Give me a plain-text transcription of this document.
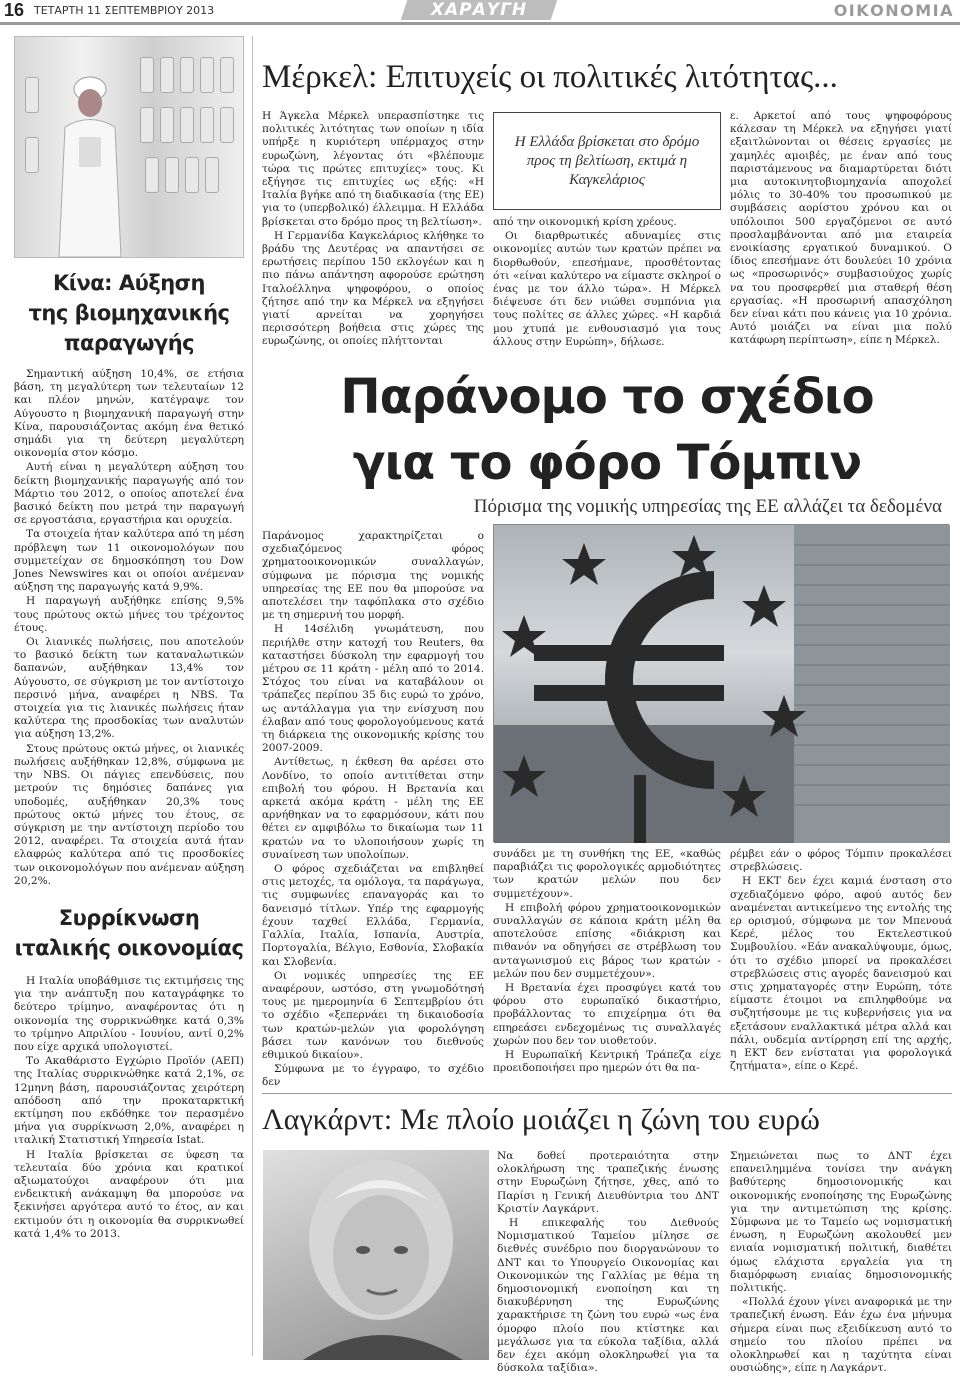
16 ΤΕΤΑΡΤΗ 11 ΣΕΠΤΕΜΒΡΙΟΥ 2013	ΧΑΡΑΥΓΗ	ΟΙΚΟΝΟΜΙΑ
Κίνα: Αύξηση
της βιομηχανικής
παραγωγής

Σημαντική αύξηση 10,4%, σε ετήσια βάση, τη μεγαλύτερη των τελευταίων 12 και πλέον μηνών, κατέγραψε τον Αύγουστο η βιομηχανική παραγωγή στην Κίνα, παρουσιάζοντας ακόμη ένα θετικό σημάδι για τη δεύτερη μεγαλύτερη οικονομία στον κόσμο.

Αυτή είναι η μεγαλύτερη αύξηση του δείκτη βιομηχανικής παραγωγής από τον Μάρτιο του 2012, ο οποίος αποτελεί ένα βασικό δείκτη που μετρά την παραγωγή σε εργοστάσια, εργαστήρια και ορυχεία.

Τα στοιχεία ήταν καλύτερα από τη μέση πρόβλεψη των 11 οικονομολόγων που συμμετείχαν σε δημοσκόπηση του Dow Jones Newswires και οι οποίοι ανέμεναν αύξηση της παραγωγής κατά 9,9%.

Η παραγωγή αυξήθηκε επίσης 9,5% τους πρώτους οκτώ μήνες του τρέχοντος έτους.

Οι λιανικές πωλήσεις, που αποτελούν το βασικό δείκτη των καταναλωτικών δαπανών, αυξήθηκαν 13,4% τον Αύγουστο, σε σύγκριση με τον αντίστοιχο περσινό μήνα, αναφέρει η NBS. Τα στοιχεία για τις λιανικές πωλήσεις ήταν καλύτερα της προσδοκίας των αναλυτών για αύξηση 13,2%.

Στους πρώτους οκτώ μήνες, οι λιανικές πωλήσεις αυξήθηκαν 12,8%, σύμφωνα με την NBS. Οι πάγιες επενδύσεις, που μετρούν τις δημόσιες δαπάνες για υποδομές, αυξήθηκαν 20,3% τους πρώτους οκτώ μήνες του έτους, σε σύγκριση με την αντίστοιχη περίοδο του 2012, αναφέρει. Τα στοιχεία αυτά ήταν ελαφρώς καλύτερα από τις προσδοκίες των οικονομολόγων που ανέμεναν αύξηση 20,2%.

Συρρίκνωση
ιταλικής οικονομίας

Η Ιταλία υποβάθμισε τις εκτιμήσεις της για την ανάπτυξη που καταγράφηκε το δεύτερο τρίμηνο, αναφέροντας ότι η οικονομία της συρρικνώθηκε κατά 0,3% το τρίμηνο Απριλίου - Ιουνίου, αντί 0,2% που είχε αρχικά υπολογιστεί.

Το Ακαθάριστο Εγχώριο Προϊόν (ΑΕΠ) της Ιταλίας συρρικνώθηκε κατά 2,1%, σε 12μηνη βάση, παρουσιάζοντας χειρότερη απόδοση από την προκαταρκτική εκτίμηση που εκδόθηκε τον περασμένο μήνα για συρρίκνωση 2,0%, αναφέρει η ιταλική Στατιστική Υπηρεσία Istat.

Η Ιταλία βρίσκεται σε ύφεση τα τελευταία δύο χρόνια και κρατικοί αξιωματούχοι αναφέρουν ότι μια ενδεικτική ανάκαμψη θα μπορούσε να ξεκινήσει αργότερα αυτό το έτος, αν και εκτιμούν ότι η οικονομία θα συρρικνωθεί κατά 1,4% το 2013.

Μέρκελ: Επιτυχείς οι πολιτικές λιτότητας...

Η Άγκελα Μέρκελ υπερασπίστηκε τις πολιτικές λιτότητας των οποίων η ιδία υπήρξε η κυριότερη υπέρμαχος στην ευρωζώνη, λέγοντας ότι «βλέπουμε τώρα τις πρώτες επιτυχίες» τους. Κι εξήγησε τις επιτυχίες ως εξής: «Η Ιταλία βγήκε από τη διαδικασία (της ΕΕ) για το (υπερβολικό) έλλειμμα. Η Ελλάδα βρίσκεται στο δρόμο προς τη βελτίωση».

Η Γερμανίδα Καγκελάριος κλήθηκε το βράδυ της Δευτέρας να απαντήσει σε ερωτήσεις περίπου 150 εκλογέων και η πιο πάνω απάντηση αφορούσε ερώτηση Ιταλοέλληνα ψηφοφόρου, ο οποίος ζήτησε από την κα Μέρκελ να εξηγήσει γιατί αρνείται να χορηγήσει περισσότερη βοήθεια στις χώρες της ευρωζώνης, οι οποίες πλήττονται

Η Ελλάδα βρίσκεται στο δρόμο προς τη βελτίωση, εκτιμά η Καγκελάριος

από την οικονομική κρίση χρέους.

Οι διαρθρωτικές αδυναμίες στις οικονομίες αυτών των κρατών πρέπει να διορθωθούν, επεσήμανε, προσθέτοντας ότι «είναι καλύτερο να είμαστε σκληροί ο ένας με τον άλλο τώρα». Η Μέρκελ διέψευσε ότι δεν νιώθει συμπόνια για τους πολίτες σε άλλες χώρες. «Η καρδιά μου χτυπά με ενθουσιασμό για τους άλλους στην Ευρώπη», δήλωσε.

ε. Αρκετοί από τους ψηφοφόρους κάλεσαν τη Μέρκελ να εξηγήσει γιατί εξαιτλώνονται οι θέσεις εργασίες με χαμηλές αμοιβές, με έναν από τους παριστάμενους να διαμαρτύρεται διότι μια αυτοκινητοβιομηχανία αποχολεί μόλις το 30-40% του προσωπικού με συμβάσεις αορίστου χρόνου και οι υπόλοιποι 500 εργαζόμενοι σε αυτό προσλαμβάνονται από μια εταιρεία ενοικίασης εργατικού δυναμικού. Ο ίδιος επεσήμανε ότι δουλεύει 10 χρόνια ως «προσωρινός» συμβασιούχος χωρίς να του προσφερθεί μια σταθερή θέση εργασίας. «Η προσωρινή απασχόληση δεν είναι κάτι που κάνεις για 10 χρόνια. Αυτό μοιάζει να είναι μια πολύ κατάφωρη περίπτωση», είπε η Μέρκελ.

Παράνομο το σχέδιο
για το φόρο Τόμπιν
Πόρισμα της νομικής υπηρεσίας της ΕΕ αλλάζει τα δεδομένα

Παράνομος χαρακτηρίζεται ο σχεδιαζόμενος φόρος χρηματοοικονομικών συναλλαγών, σύμφωνα με πόρισμα της νομικής υπηρεσίας της ΕΕ που θα μπορούσε να αποτελέσει την ταφόπλακα στο σχέδιο με τη σημερινή του μορφή.

Η 14σέλιδη γνωμάτευση, που περιήλθε στην κατοχή του Reuters, θα καταστήσει δύσκολη την εφαρμογή του μέτρου σε 11 κράτη - μέλη από το 2014. Στόχος του είναι να καταβάλουν οι τράπεζες περίπου 35 δις ευρώ το χρόνο, ως αντάλλαγμα για την ενίσχυση που έλαβαν από τους φορολογούμενους κατά τη διάρκεια της οικονομικής κρίσης του 2007-2009.

Αντίθετως, η έκθεση θα αρέσει στο Λονδίνο, το οποίο αντιτίθεται στην επιβολή του φόρου. Η Βρετανία και αρκετά ακόμα κράτη - μέλη της ΕΕ αρνήθηκαν να το εφαρμόσουν, κάτι που θέτει εν αμφιβόλω το δικαίωμα των 11 κρατών να το υλοποιήσουν χωρίς τη συναίνεση των υπολοίπων.

Ο φόρος σχεδιάζεται να επιβληθεί στις μετοχές, τα ομόλογα, τα παράγωγα, τις συμφωνίες επαναγοράς και το δανεισμό τίτλων. Υπέρ της εφαρμογής έχουν ταχθεί Ελλάδα, Γερμανία, Γαλλία, Ιταλία, Ισπανία, Αυστρία, Πορτογαλία, Βέλγιο, Εσθονία, Σλοβακία και Σλοβενία.

Οι νομικές υπηρεσίες της ΕΕ αναφέρουν, ωστόσο, στη γνωμοδότησή τους με ημερομηνία 6 Σεπτεμβρίου ότι το σχέδιο «ξεπερνάει τη δικαιοδοσία των κρατών-μελών για φορολόγηση βάσει των κανόνων του διεθνούς εθιμικού δικαίου».

Σύμφωνα με το έγγραφο, το σχέδιο δεν

συνάδει με τη συνθήκη της ΕΕ, «καθώς παραβιάζει τις φορολογικές αρμοδιότητες των κρατών μελών που δεν συμμετέχουν».

Η επιβολή φόρου χρηματοοικονομικών συναλλαγών σε κάποια κράτη μέλη θα αποτελούσε επίσης «διάκριση και πιθανόν να οδηγήσει σε στρέβλωση του ανταγωνισμού εις βάρος των κρατών - μελών που δεν συμμετέχουν».

Η Βρετανία έχει προσφύγει κατά του φόρου στο ευρωπαϊκό δικαστήριο, προβάλλοντας το επιχείρημα ότι θα επηρεάσει ενδεχομένως τις συναλλαγές χωρών που δεν τον υιοθετούν.

Η Ευρωπαϊκή Κεντρική Τράπεζα είχε προειδοποιήσει προ ημερών ότι θα πα-

ρέμβει εάν ο φόρος Τόμπιν προκαλέσει στρεβλώσεις.

Η ΕΚΤ δεν έχει καμιά ένσταση στο σχεδιαζόμενο φόρο, αφού αυτός δεν αναμένεται αντικείμενο της εντολής της ερ ορισμού, σύμφωνα με τον Μπενουά Κερέ, μέλος του Εκτελεστικού Συμβουλίου. «Εάν ανακαλύψουμε, όμως, ότι το σχέδιο μπορεί να προκαλέσει στρεβλώσεις στις αγορές δανεισμού και στις χρηματαγορές στην Ευρώπη, τότε είμαστε έτοιμοι να επιληφθούμε να συζητήσουμε με τις κυβερνήσεις για να εξετάσουν εναλλακτικά μέτρα αλλά και πάλι, ουδεμία αντίρρηση επί της αρχής, η ΕΚΤ δεν ενίσταται για φορολογικά ζητήματα», είπε ο Κερέ.

Λαγκάρντ: Με πλοίο μοιάζει η ζώνη του ευρώ

Να δοθεί προτεραιότητα στην ολοκλήρωση της τραπεζικής ένωσης στην Ευρωζώνη ζήτησε, χθες, από το Παρίσι η Γενική Διευθύντρια του ΔΝΤ Κριστίν Λαγκάρντ.

Η επικεφαλής του Διεθνούς Νομισματικού Ταμείου μίλησε σε διεθνές συνέδριο που διοργανώνουν το ΔΝΤ και το Υπουργείο Οικονομίας και Οικονομικών της Γαλλίας με θέμα τη δημοσιονομική ενοποίηση και τη διακυβέρνηση της Ευρωζώνης χαρακτήρισε τη ζώνη του ευρώ «ως ένα όμορφο πλοίο που κτίστηκε και μεγάλωσε για τα εύκολα ταξίδια, αλλά δεν έχει ακόμη ολοκληρωθεί για τα δύσκολα ταξίδια».

Σημειώνεται πως το ΔΝΤ έχει επανειλημμένα τονίσει την ανάγκη βαθύτερης δημοσιονομικής και οικονομικής ενοποίησης της Ευρωζώνης για την αντιμετώπιση της κρίσης. Σύμφωνα με το Ταμείο ως νομισματική ένωση, η Ευρωζώνη ακολουθεί μεν ενιαία νομισματική πολιτική, διαθέτει όμως ελάχιστα εργαλεία για τη διαμόρφωση ενιαίας δημοσιονομικής πολιτικής.

«Πολλά έχουν γίνει αναφορικά με την τραπεζική ένωση. Εάν έχω ένα μήνυμα σήμερα είναι πως εξειδίκευση αυτό το σημείο του πλοίου πρέπει να ολοκληρωθεί και η ταχύτητα είναι ουσιώδης», είπε η Λαγκάρντ.
